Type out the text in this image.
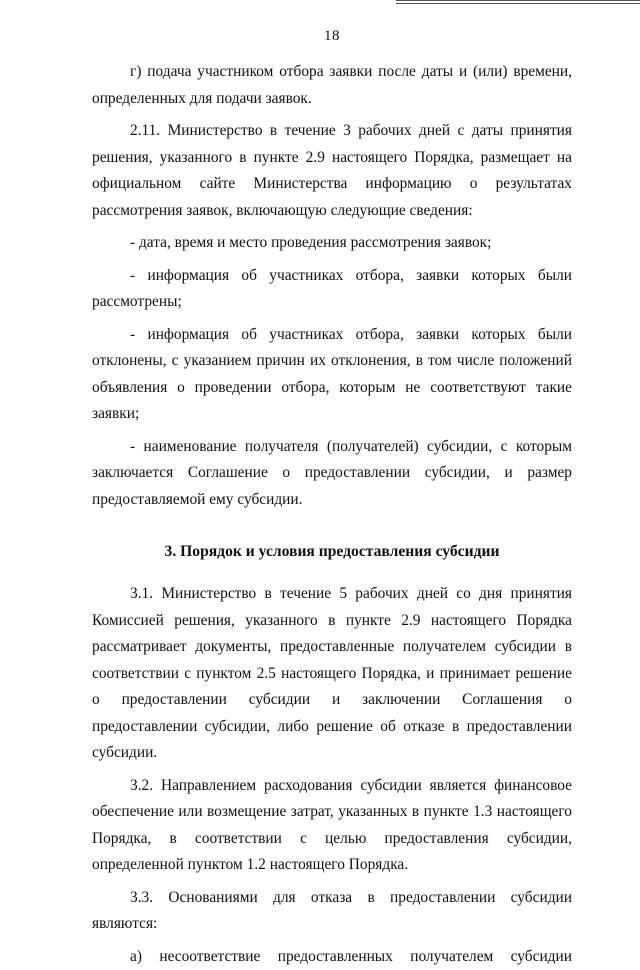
18

г) подача участником отбора заявки после даты и (или) времени, определенных для подачи заявок.

2.11. Министерство в течение 3 рабочих дней с даты принятия решения, указанного в пункте 2.9 настоящего Порядка, размещает на официальном сайте Министерства информацию о результатах рассмотрения заявок, включающую следующие сведения:

- дата, время и место проведения рассмотрения заявок;

- информация об участниках отбора, заявки которых были рассмотрены;

- информация об участниках отбора, заявки которых были отклонены, с указанием причин их отклонения, в том числе положений объявления о проведении отбора, которым не соответствуют такие заявки;

- наименование получателя (получателей) субсидии, с которым заключается Соглашение о предоставлении субсидии, и размер предоставляемой ему субсидии.

3. Порядок и условия предоставления субсидии

3.1. Министерство в течение 5 рабочих дней со дня принятия Комиссией решения, указанного в пункте 2.9 настоящего Порядка рассматривает документы, предоставленные получателем субсидии в соответствии с пунктом 2.5 настоящего Порядка, и принимает решение о предоставлении субсидии и заключении Соглашения о предоставлении субсидии, либо решение об отказе в предоставлении субсидии.

3.2. Направлением расходования субсидии является финансовое обеспечение или возмещение затрат, указанных в пункте 1.3 настоящего Порядка, в соответствии с целью предоставления субсидии, определенной пунктом 1.2 настоящего Порядка.

3.3. Основаниями для отказа в предоставлении субсидии являются:

а) несоответствие предоставленных получателем субсидии
